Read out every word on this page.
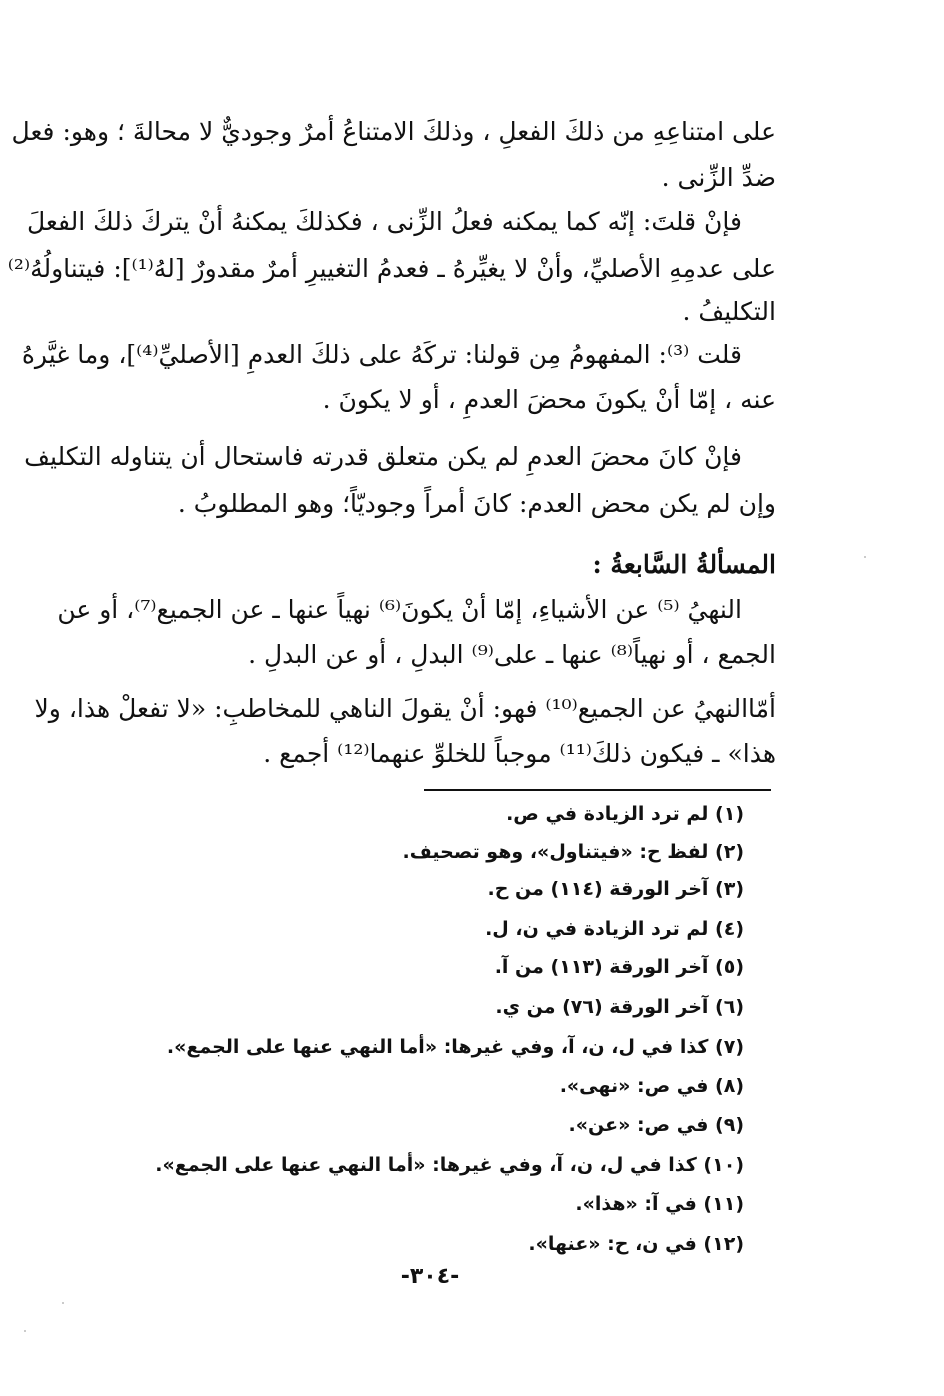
على امتناعِهِ من ذلكَ الفعلِ ، وذلكَ الامتناعُ أمرٌ وجوديٌّ لا محالةَ ؛ وهو: فعل
ضدِّ الزِّنى .
فإنْ قلتَ: إنّه كما يمكنه فعلُ الزِّنى ، فكذلكَ يمكنهُ أنْ يتركَ ذلكَ الفعلَ
على عدمِهِ الأصليِّ، وأنْ لا يغيِّرهُ ـ فعدمُ التغييرِ أمرٌ مقدورٌ [لهُ⁽¹⁾]: فيتناولُهُ⁽²⁾
التكليفُ .
قلت ⁽³⁾: المفهومُ مِن قولنا: تركَهُ على ذلكَ العدمِ [الأصليِّ⁽⁴⁾]، وما غيَّرهُ
عنه ، إمّا أنْ يكونَ محضَ العدمِ ، أو لا يكونَ .
فإنْ كانَ محضَ العدمِ لم يكن متعلق قدرته فاستحال أن يتناوله التكليف
وإن لم يكن محض العدم: كانَ أمراً وجوديّاً؛ وهو المطلوبُ .
المسألةُ السَّابعةُ :
النهيُ ⁽⁵⁾ عن الأشياءِ، إمّا أنْ يكونَ⁽⁶⁾ نهياً عنها ـ عن الجميع⁽⁷⁾، أو عن
الجمع ، أو نهياً⁽⁸⁾ عنها ـ على⁽⁹⁾ البدلِ ، أو عن البدلِ .
أمّاالنهيُ عن الجميع⁽¹⁰⁾ فهو: أنْ يقولَ الناهي للمخاطبِ: «لا تفعلْ هذا، ولا
هذا» ـ فيكون ذلكَ⁽¹¹⁾ موجباً للخلوِّ عنهما⁽¹²⁾ أجمع .
(١) لم ترد الزيادة في ص.
(٢) لفظ ح: «فيتناول»، وهو تصحيف.
(٣) آخر الورقة (١١٤) من ح.
(٤) لم ترد الزيادة في ن، ل.
(٥) آخر الورقة (١١٣) من آ.
(٦) آخر الورقة (٧٦) من ي.
(٧) كذا في ل، ن، آ، وفي غيرها: «أما النهي عنها على الجمع».
(٨) في ص: «نهى».
(٩) في ص: «عن».
(١٠) كذا في ل، ن، آ، وفي غيرها: «أما النهي عنها على الجمع».
(١١) في آ: «هذا».
(١٢) في ن، ح: «عنها».
-٣٠٤-
